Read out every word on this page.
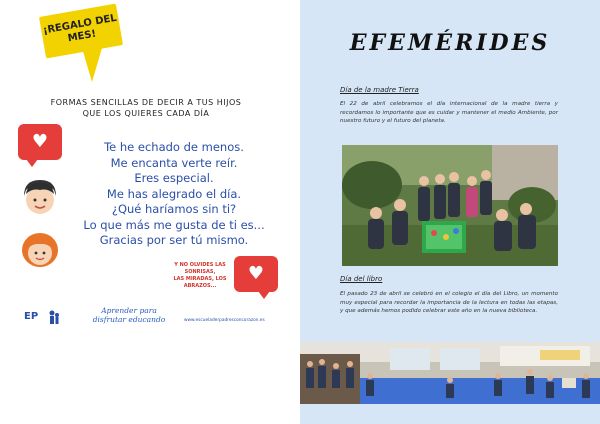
¡REGALO DEL MES!
FORMAS SENCILLAS DE DECIR A TUS HIJOS
QUE LOS QUIERES CADA DÍA
♥	Te he echado de menos.
Me encanta verte reír.
Eres especial.
Me has alegrado el día.
¿Qué haríamos sin ti?
Lo que más me gusta de ti es...
Gracias por ser tú mismo.
Y NO OLVIDES LAS SONRISAS,
LAS MIRADAS, LOS ABRAZOS...
♥
EP
Aprender para
disfrutar educando	www.escueladerpadresconcorazon.es
EFEMÉRIDES
Día de la madre Tierra
El 22 de abril celebramos el día internacional de la madre tierra y recordamos lo importante que es cuidar y mantener el medio Ambiente, por nuestro futuro y el futuro del planeta.
Día del libro
El pasado 23 de abril se celebró en el colegio el día del Libro, un momento muy especial para recordar la importancia de la lectura en todas las etapas, y que además hemos podido celebrar este año en la nueva biblioteca.
